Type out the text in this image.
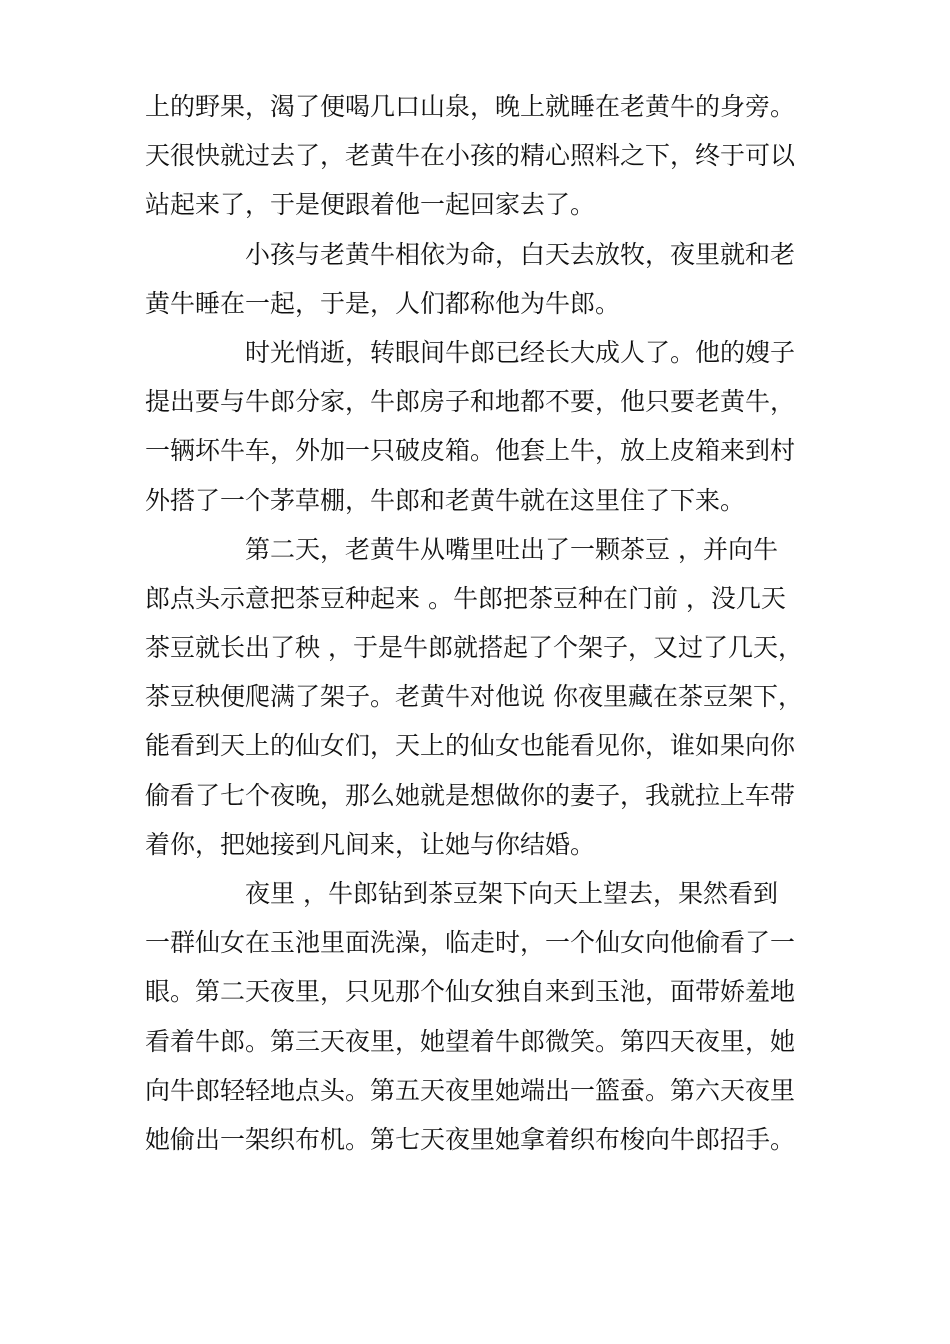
上的野果，渴了便喝几口山泉，晚上就睡在老黄牛的身旁。
天很快就过去了，老黄牛在小孩的精心照料之下，终于可以
站起来了，于是便跟着他一起回家去了。
小孩与老黄牛相依为命，白天去放牧，夜里就和老
黄牛睡在一起，于是，人们都称他为牛郎。
时光悄逝，转眼间牛郎已经长大成人了。他的嫂子
提出要与牛郎分家，牛郎房子和地都不要，他只要老黄牛，
一辆坏牛车，外加一只破皮箱。他套上牛，放上皮箱来到村
外搭了一个茅草棚，牛郎和老黄牛就在这里住了下来。
第二天，老黄牛从嘴里吐出了一颗茶豆 ，并向牛
郎点头示意把茶豆种起来 。牛郎把茶豆种在门前 ，没几天
茶豆就长出了秧 ，于是牛郎就搭起了个架子，又过了几天，
茶豆秧便爬满了架子。老黄牛对他说 你夜里藏在茶豆架下，
能看到天上的仙女们，天上的仙女也能看见你，谁如果向你
偷看了七个夜晚，那么她就是想做你的妻子，我就拉上车带
着你，把她接到凡间来，让她与你结婚。
夜里 ，牛郎钻到茶豆架下向天上望去，果然看到
一群仙女在玉池里面洗澡，临走时，一个仙女向他偷看了一
眼。第二天夜里，只见那个仙女独自来到玉池，面带娇羞地
看着牛郎。第三天夜里，她望着牛郎微笑。第四天夜里，她
向牛郎轻轻地点头。第五天夜里她端出一篮蚕。第六天夜里
她偷出一架织布机。第七天夜里她拿着织布梭向牛郎招手。
